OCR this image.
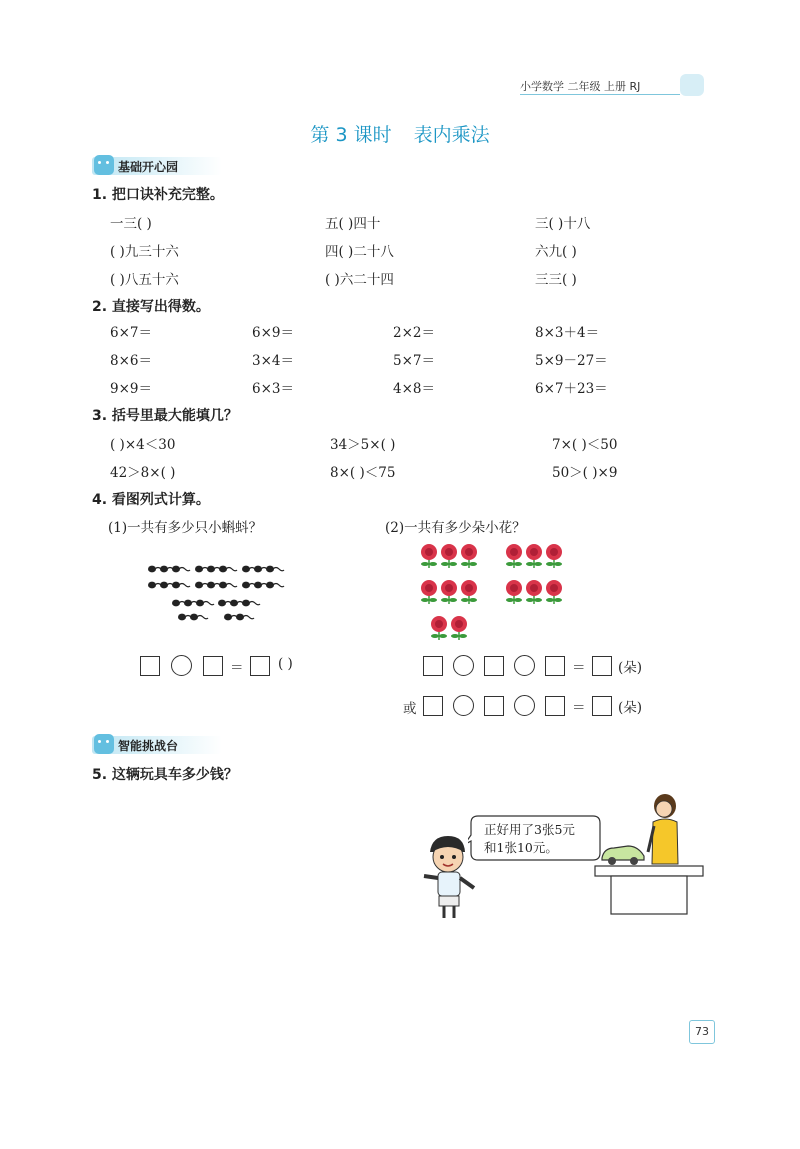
小学数学 二年级 上册 RJ
第 3 课时 表内乘法
基础开心园
1. 把口诀补充完整。
一三( )	五( )四十	三( )十八
( )九三十六	四( )二十八	六九( )
( )八五十六	( )六二十四	三三( )
2. 直接写出得数。
6×7＝	6×9＝	2×2＝	8×3＋4＝
8×6＝	3×4＝	5×7＝	5×9－27＝
9×9＝	6×3＝	4×8＝	6×7＋23＝
3. 括号里最大能填几？
( )×4＜30	34＞5×( )	7×( )＜50
42＞8×( )	8×( )＜75	50＞( )×9
4. 看图列式计算。
(1)一共有多少只小蝌蚪？	(2)一共有多少朵小花？
＝	( )	＝ (朵)
或	＝ (朵)
智能挑战台
5. 这辆玩具车多少钱？
正好用了3张5元
和1张10元。
73
